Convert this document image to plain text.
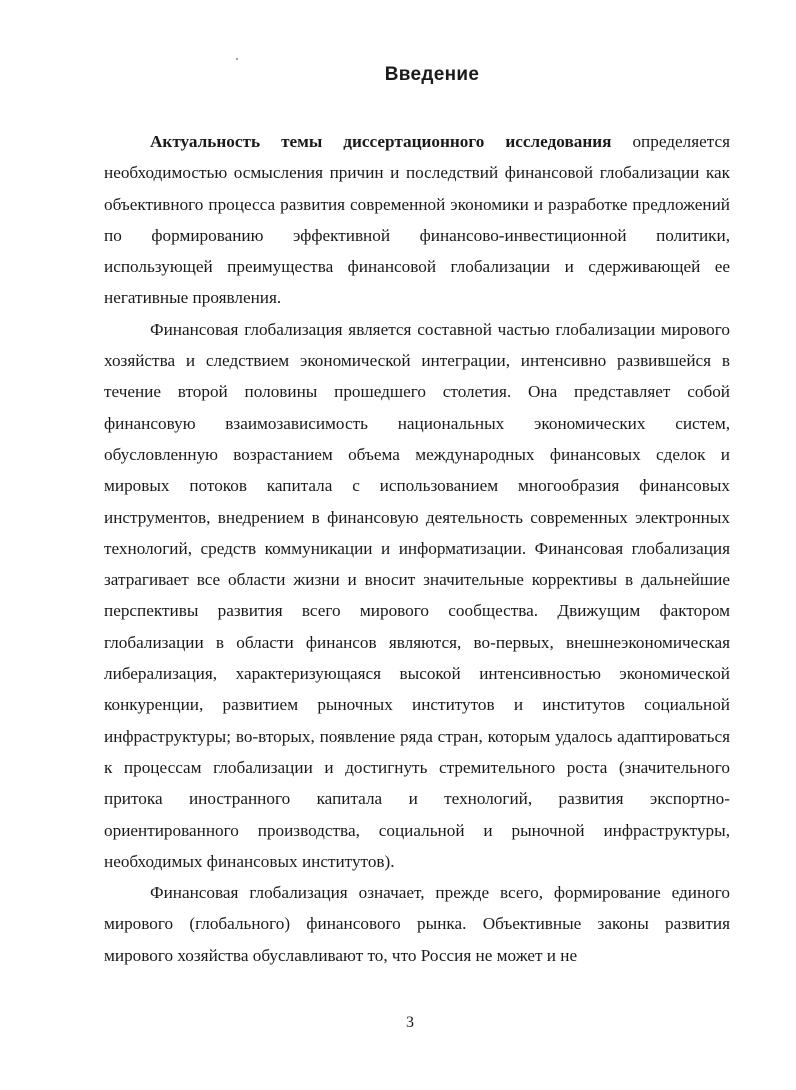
Введение

Актуальность темы диссертационного исследования определяется необходимостью осмысления причин и последствий финансовой глобализации как объективного процесса развития современной экономики и разработке предложений по формированию эффективной финансово-инвестиционной политики, использующей преимущества финансовой глобализации и сдерживающей ее негативные проявления.

Финансовая глобализация является составной частью глобализации мирового хозяйства и следствием экономической интеграции, интенсивно развившейся в течение второй половины прошедшего столетия. Она представляет собой финансовую взаимозависимость национальных экономических систем, обусловленную возрастанием объема международных финансовых сделок и мировых потоков капитала с использованием многообразия финансовых инструментов, внедрением в финансовую деятельность современных электронных технологий, средств коммуникации и информатизации. Финансовая глобализация затрагивает все области жизни и вносит значительные коррективы в дальнейшие перспективы развития всего мирового сообщества. Движущим фактором глобализации в области финансов являются, во-первых, внешнеэкономическая либерализация, характеризующаяся высокой интенсивностью экономической конкуренции, развитием рыночных институтов и институтов социальной инфраструктуры; во-вторых, появление ряда стран, которым удалось адаптироваться к процессам глобализации и достигнуть стремительного роста (значительного притока иностранного капитала и технологий, развития экспортно-ориентированного производства, социальной и рыночной инфраструктуры, необходимых финансовых институтов).

Финансовая глобализация означает, прежде всего, формирование единого мирового (глобального) финансового рынка. Объективные законы развития мирового хозяйства обуславливают то, что Россия не может и не

3
